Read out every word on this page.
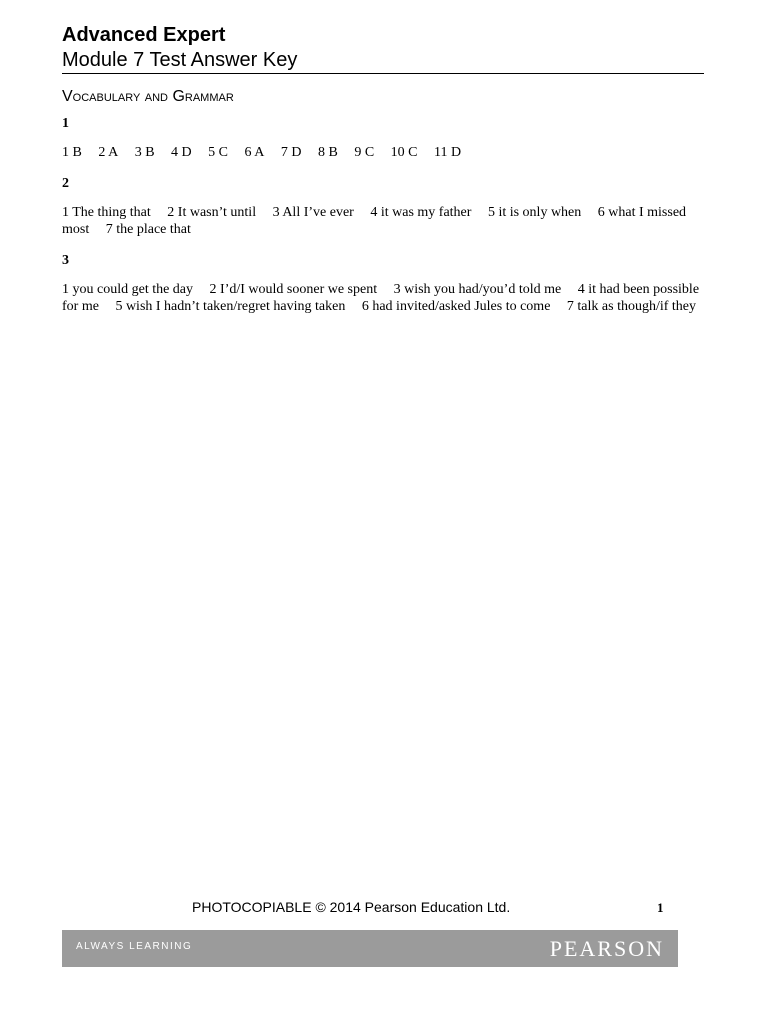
Advanced Expert
Module 7 Test Answer Key
Vocabulary and Grammar
1
1 B 2 A 3 B 4 D 5 C 6 A 7 D 8 B 9 C 10 C 11 D
2
1 The thing that 2 It wasn’t until 3 All I’ve ever 4 it was my father 5 it is only when 6 what I missed most 7 the place that
3
1 you could get the day 2 I’d/I would sooner we spent 3 wish you had/you’d told me 4 it had been possible for me 5 wish I hadn’t taken/regret having taken 6 had invited/asked Jules to come 7 talk as though/if they
PHOTOCOPIABLE © 2014 Pearson Education Ltd.	1
ALWAYS LEARNING	PEARSON
